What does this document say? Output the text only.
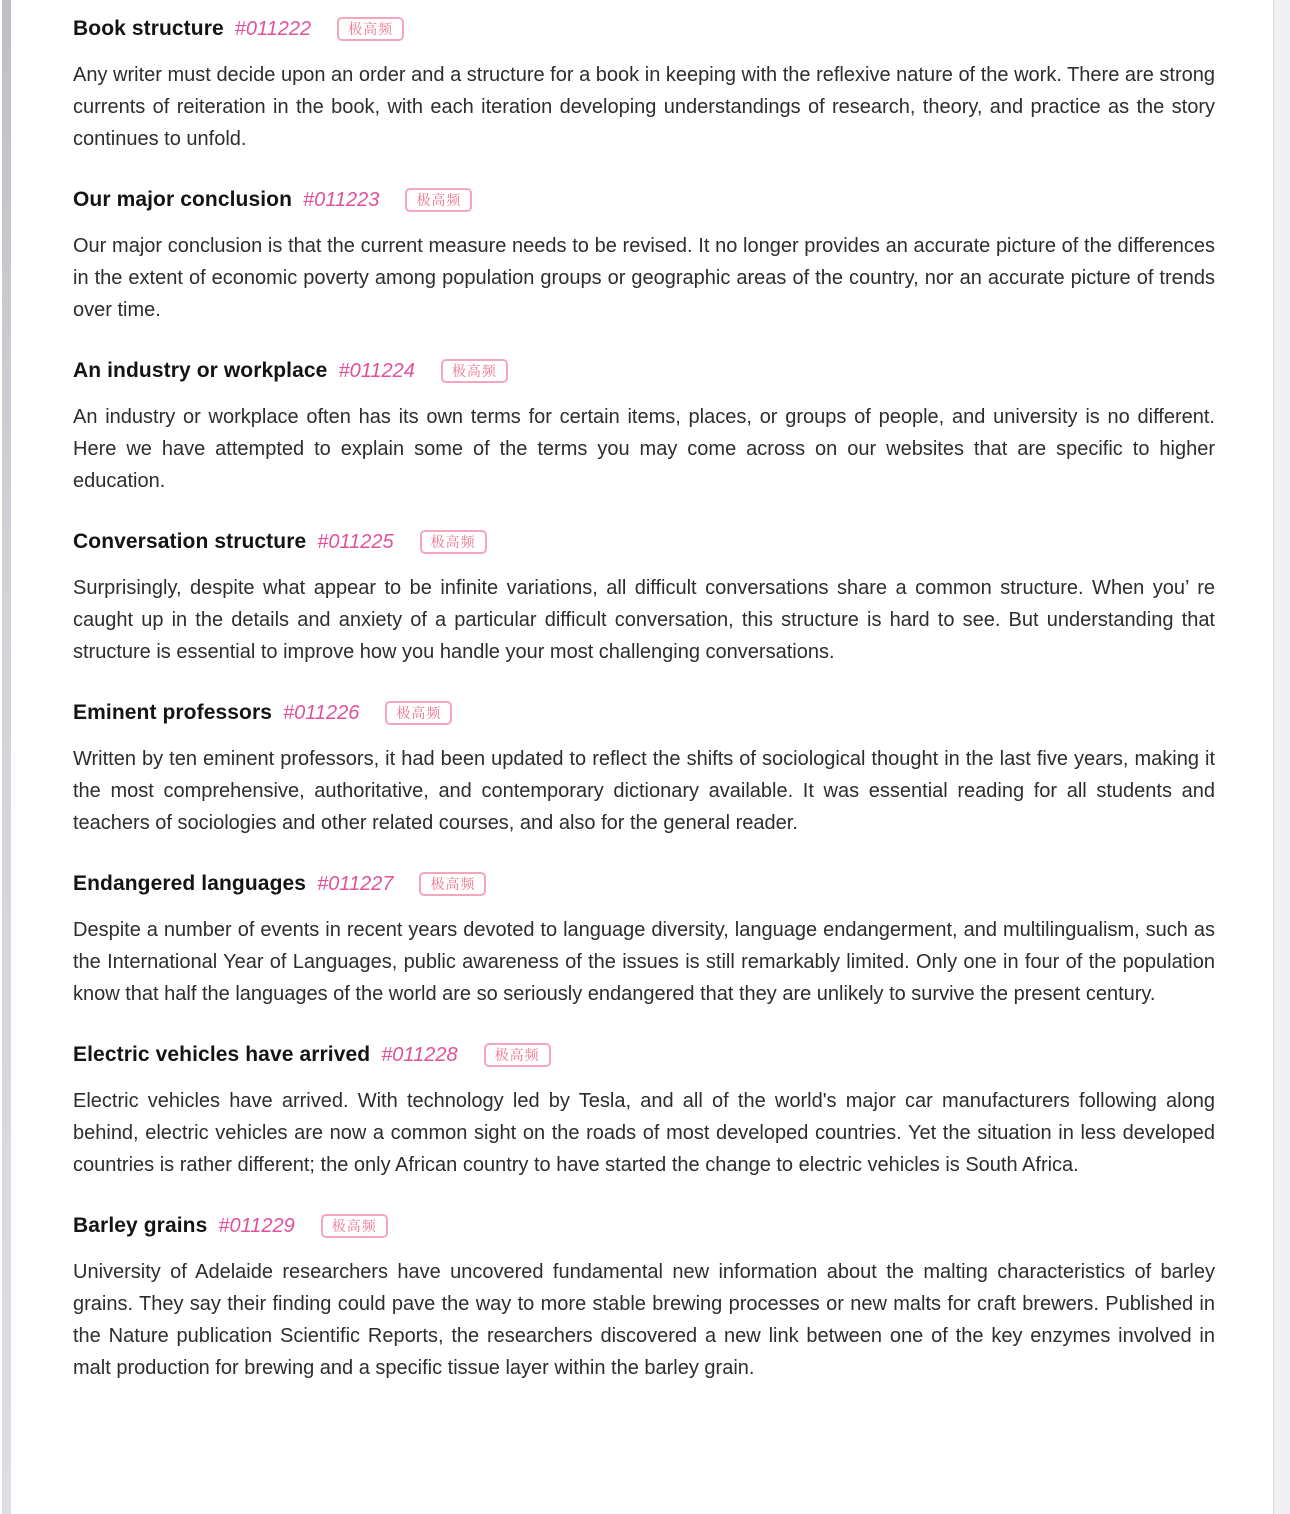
Book structure #011222	极高频

Any writer must decide upon an order and a structure for a book in keeping with the reflexive nature of the work. There are strong currents of reiteration in the book, with each iteration developing understandings of research, theory, and practice as the story continues to unfold.

Our major conclusion #011223	极高频

Our major conclusion is that the current measure needs to be revised. It no longer provides an accurate picture of the differences in the extent of economic poverty among population groups or geographic areas of the country, nor an accurate picture of trends over time.

An industry or workplace #011224	极高频

An industry or workplace often has its own terms for certain items, places, or groups of people, and university is no different. Here we have attempted to explain some of the terms you may come across on our websites that are specific to higher education.

Conversation structure #011225	极高频

Surprisingly, despite what appear to be infinite variations, all difficult conversations share a common structure. When you’ re caught up in the details and anxiety of a particular difficult conversation, this structure is hard to see. But understanding that structure is essential to improve how you handle your most challenging conversations.

Eminent professors #011226	极高频

Written by ten eminent professors, it had been updated to reflect the shifts of sociological thought in the last five years, making it the most comprehensive, authoritative, and contemporary dictionary available. It was essential reading for all students and teachers of sociologies and other related courses, and also for the general reader.

Endangered languages #011227	极高频

Despite a number of events in recent years devoted to language diversity, language endangerment, and multilingualism, such as the International Year of Languages, public awareness of the issues is still remarkably limited. Only one in four of the population know that half the languages of the world are so seriously endangered that they are unlikely to survive the present century.

Electric vehicles have arrived #011228	极高频

Electric vehicles have arrived. With technology led by Tesla, and all of the world's major car manufacturers following along behind, electric vehicles are now a common sight on the roads of most developed countries. Yet the situation in less developed countries is rather different; the only African country to have started the change to electric vehicles is South Africa.

Barley grains #011229	极高频

University of Adelaide researchers have uncovered fundamental new information about the malting characteristics of barley grains. They say their finding could pave the way to more stable brewing processes or new malts for craft brewers. Published in the Nature publication Scientific Reports, the researchers discovered a new link between one of the key enzymes involved in malt production for brewing and a specific tissue layer within the barley grain.
